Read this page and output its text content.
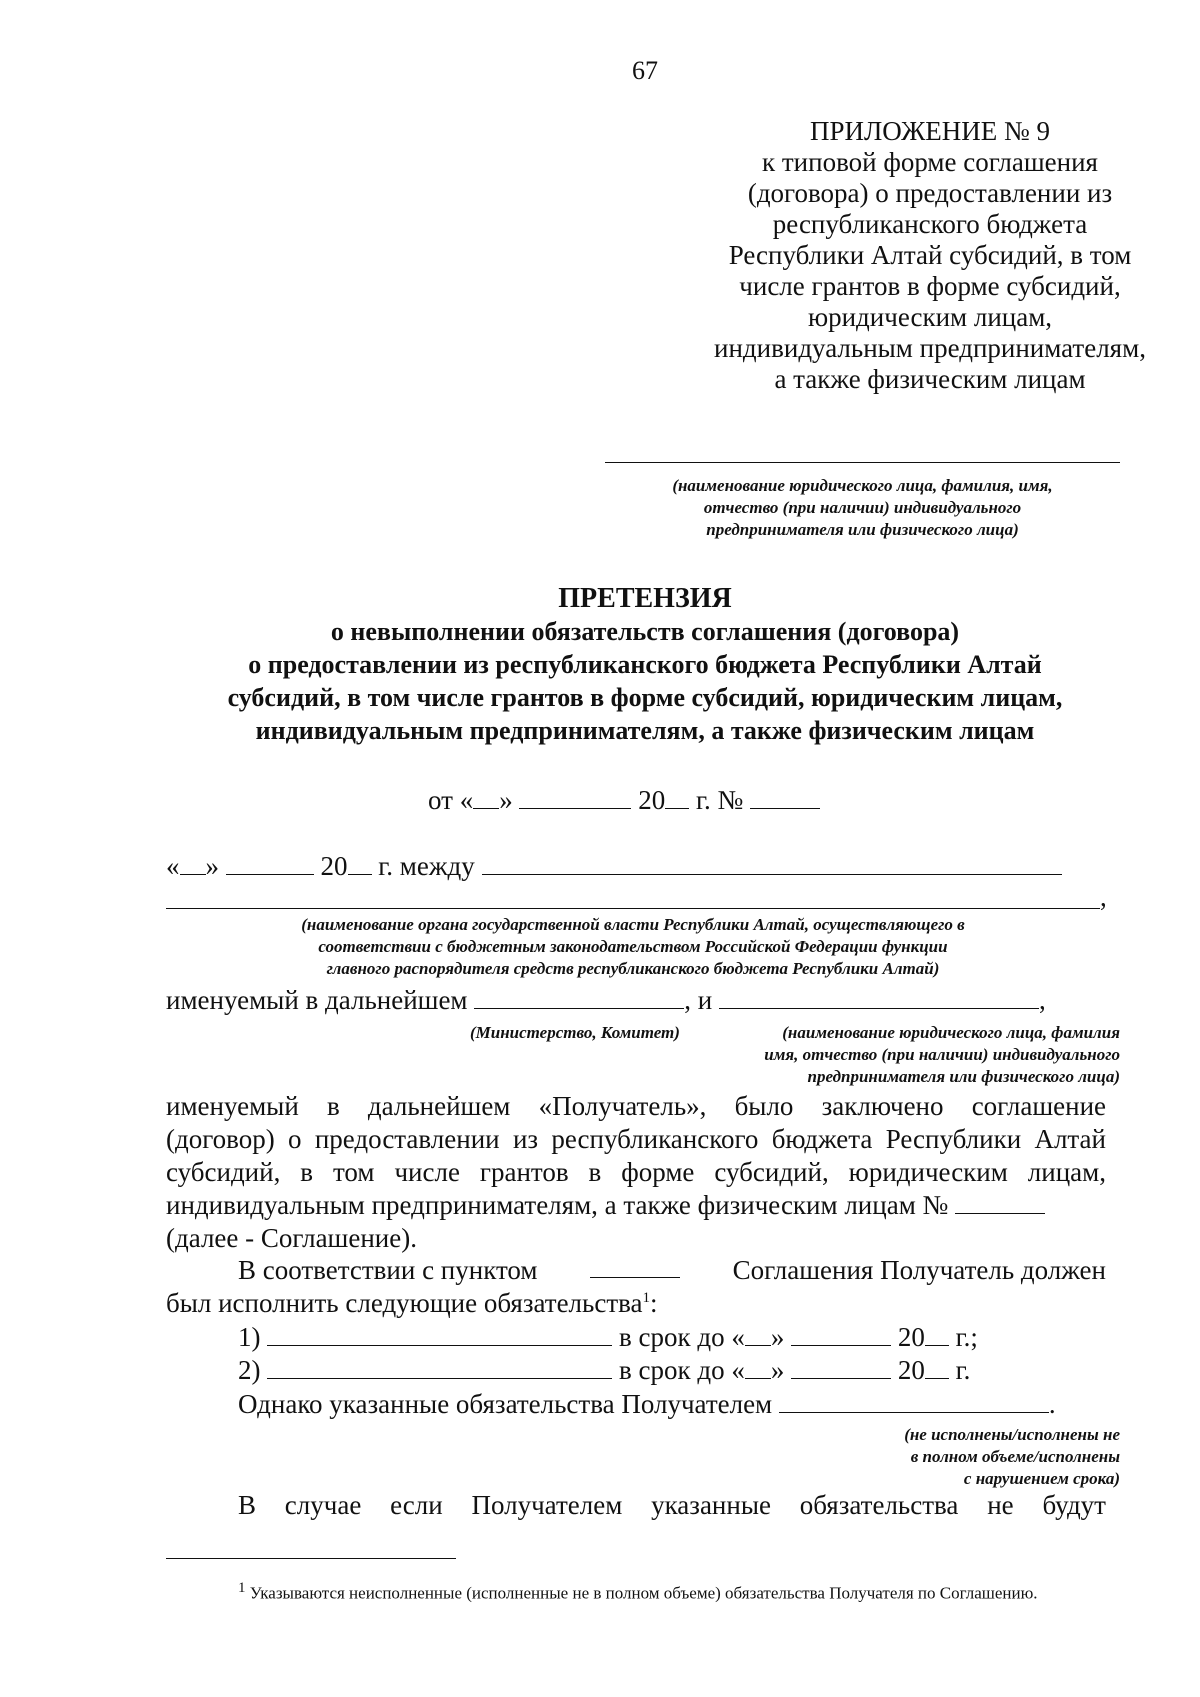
67
ПРИЛОЖЕНИЕ № 9
к типовой форме соглашения
(договора) о предоставлении из
республиканского бюджета
Республики Алтай субсидий, в том
числе грантов в форме субсидий,
юридическим лицам,
индивидуальным предпринимателям,
а также физическим лицам
(наименование юридического лица, фамилия, имя,
отчество (при наличии) индивидуального
предпринимателя или физического лица)
ПРЕТЕНЗИЯ
о невыполнении обязательств соглашения (договора)
о предоставлении из республиканского бюджета Республики Алтай
субсидий, в том числе грантов в форме субсидий, юридическим лицам,
индивидуальным предпринимателям, а также физическим лицам
от « »	20 г. №
« »	20 г. между
,
(наименование органа государственной власти Республики Алтай, осуществляющего в
соответствии с бюджетным законодательством Российской Федерации функции
главного распорядителя средств республиканского бюджета Республики Алтай)
именуемый в дальнейшем	, и	,
(Министерство, Комитет)	(наименование юридического лица, фамилия
имя, отчество (при наличии) индивидуального
предпринимателя или физического лица)
именуемый в дальнейшем «Получатель», было заключено соглашение
(договор) о предоставлении из республиканского бюджета Республики Алтай
субсидий, в том числе грантов в форме субсидий, юридическим лицам,
индивидуальным предпринимателям, а также физическим лицам №
(далее - Соглашение).
В соответствии с пунктом	Соглашения Получатель должен
был исполнить следующие обязательства$^1$:
1)	в срок до « »	20 г.;
2)	в срок до « »	20 г.
Однако указанные обязательства Получателем	.
(не исполнены/исполнены не
в полном объеме/исполнены
с нарушением срока)
В случае если Получателем указанные обязательства не будут
$^1$ Указываются неисполненные (исполненные не в полном объеме) обязательства Получателя по Соглашению.
